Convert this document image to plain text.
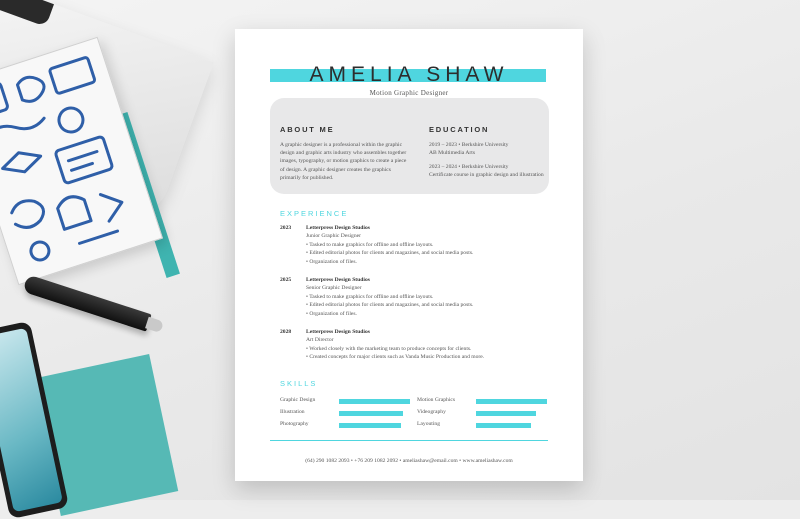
AMELIA SHAW
Motion Graphic Designer
ABOUT ME
A graphic designer is a professional within the graphic design and graphic arts industry who assembles together images, typography, or motion graphics to create a piece of design. A graphic designer creates the graphics primarily for published.
EDUCATION
2019 – 2023 • Berkshire University
AB Multimedia Arts
2023 – 2024 • Berkshire University
Certificate course in graphic design and illustration
EXPERIENCE
2023	Letterpress Design Studios
Junior Graphic Designer
• Tasked to make graphics for offline and offline layouts.
• Edited editorial photos for clients and magazines, and social media posts.
• Organization of files.
2025	Letterpress Design Studios
Senior Graphic Designer
• Tasked to make graphics for offline and offline layouts.
• Edited editorial photos for clients and magazines, and social media posts.
• Organization of files.
2028	Letterpress Design Studios
Art Director
• Worked closely with the marketing team to produce concepts for clients.
• Created concepts for major clients such as Vanda Music Production and more.
SKILLS
Graphic Design	Motion Graphics
Illustration	Videography
Photography	Layouting
(64) 290 1082 2093 • +76 209 1082 2092 • ameliashaw@email.com • www.ameliashaw.com
